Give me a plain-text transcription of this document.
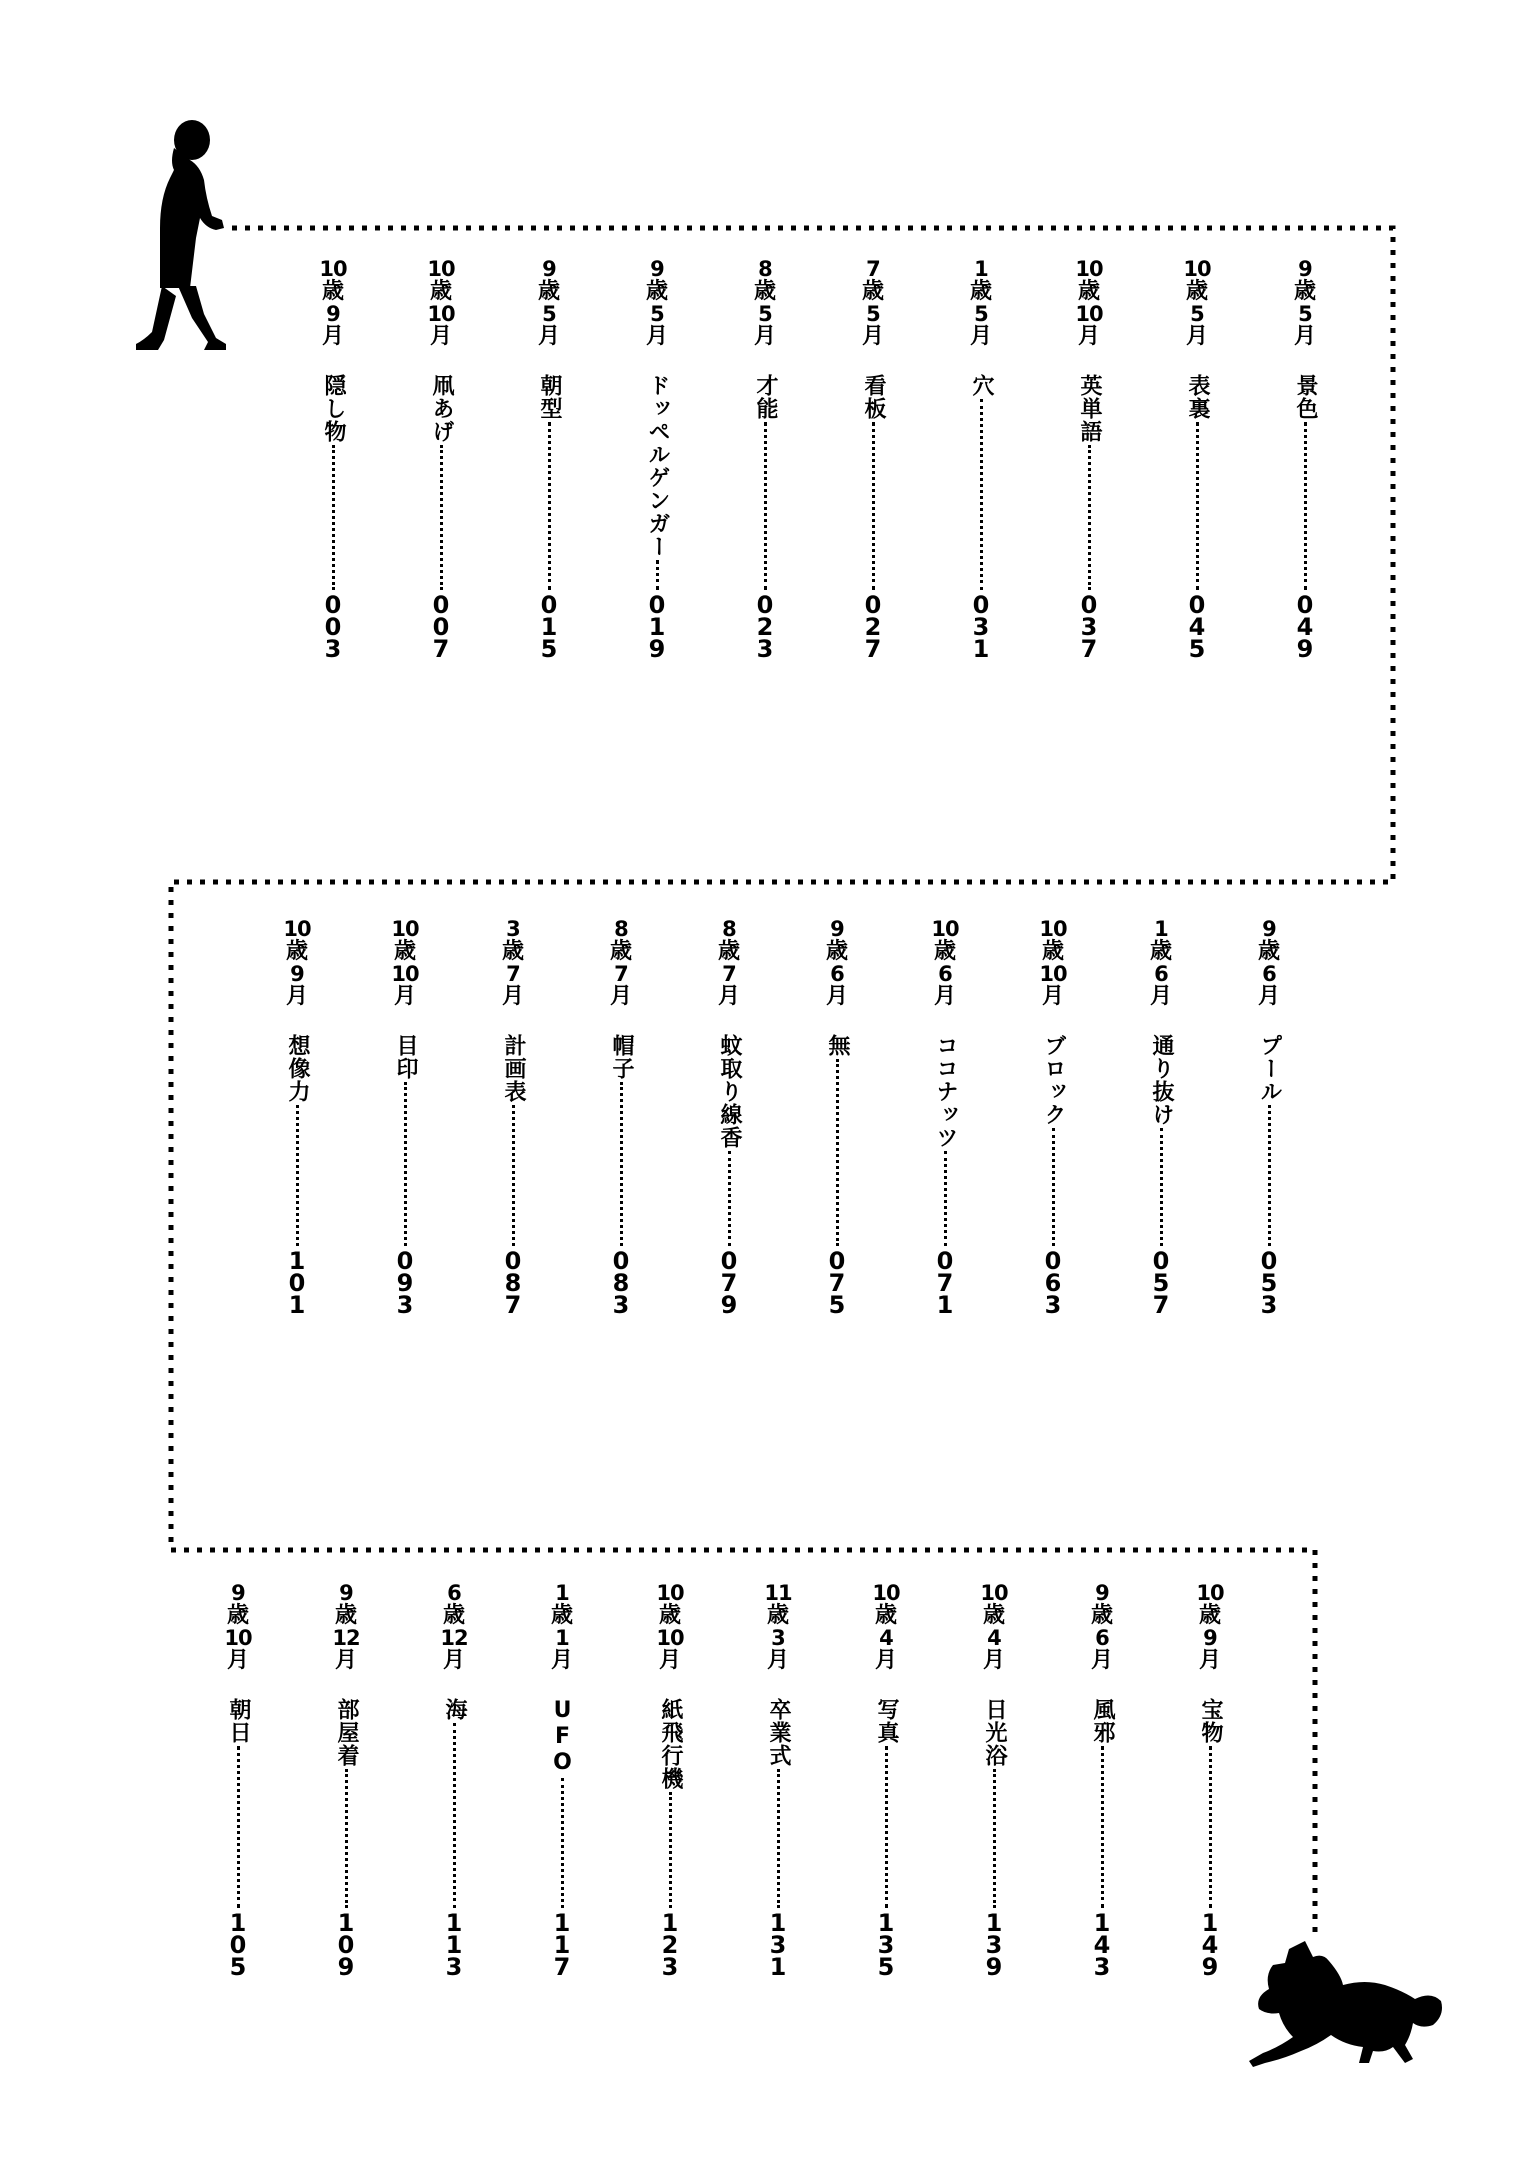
10
歳
9
月
隠し物
0
0
3
10
歳
10
月
凧あげ
0
0
7
9
歳
5
月
朝型
0
1
5
9
歳
5
月
ドッペルゲンガー
0
1
9
8
歳
5
月
才能
0
2
3
7
歳
5
月
看板
0
2
7
1
歳
5
月
穴
0
3
1
10
歳
10
月
英単語
0
3
7
10
歳
5
月
表裏
0
4
5
9
歳
5
月
景色
0
4
9
10
歳
9
月
想像力
1
0
1
10
歳
10
月
目印
0
9
3
3
歳
7
月
計画表
0
8
7
8
歳
7
月
帽子
0
8
3
8
歳
7
月
蚊取り線香
0
7
9
9
歳
6
月
無
0
7
5
10
歳
6
月
ココナッツ
0
7
1
10
歳
10
月
ブロック
0
6
3
1
歳
6
月
通り抜け
0
5
7
9
歳
6
月
プール
0
5
3
9
歳
10
月
朝日
1
0
5
9
歳
12
月
部屋着
1
0
9
6
歳
12
月
海
1
1
3
1
歳
1
月
UFO
1
1
7
10
歳
10
月
紙飛行機
1
2
3
11
歳
3
月
卒業式
1
3
1
10
歳
4
月
写真
1
3
5
10
歳
4
月
日光浴
1
3
9
9
歳
6
月
風邪
1
4
3
10
歳
9
月
宝物
1
4
9
